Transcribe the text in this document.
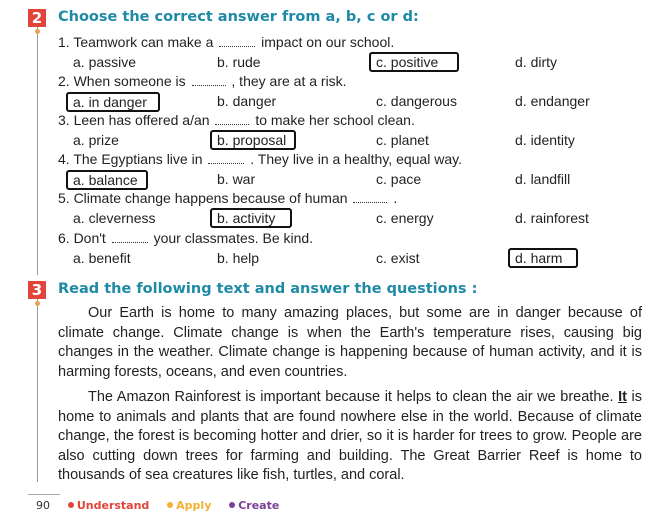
2 Choose the correct answer from a, b, c or d:
1. Teamwork can make a	impact on our school.
a. passive	b. rude	c. positive	d. dirty
2. When someone is	, they are at a risk.
a. in danger	b. danger	c. dangerous	d. endanger
3. Leen has offered a/an	to make her school clean.
a. prize	b. proposal	c. planet	d. identity
4. The Egyptians live in	. They live in a healthy, equal way.
a. balance	b. war	c. pace	d. landfill
5. Climate change happens because of human	.
a. cleverness	b. activity	c. energy	d. rainforest
6. Don't	your classmates. Be kind.
a. benefit	b. help	c. exist	d. harm
3 Read the following text and answer the questions :

Our Earth is home to many amazing places, but some are in danger because of climate change. Climate change is when the Earth's temperature rises, causing big changes in the weather. Climate change is happening because of human activity, and it is harming forests, oceans, and even countries.

The Amazon Rainforest is important because it helps to clean the air we breathe. It is home to animals and plants that are found nowhere else in the world. Because of climate change, the forest is becoming hotter and drier, so it is harder for trees to grow. People are also cutting down trees for farming and building. The Great Barrier Reef is home to thousands of sea creatures like fish, turtles, and coral.

90 Understand Apply Create
